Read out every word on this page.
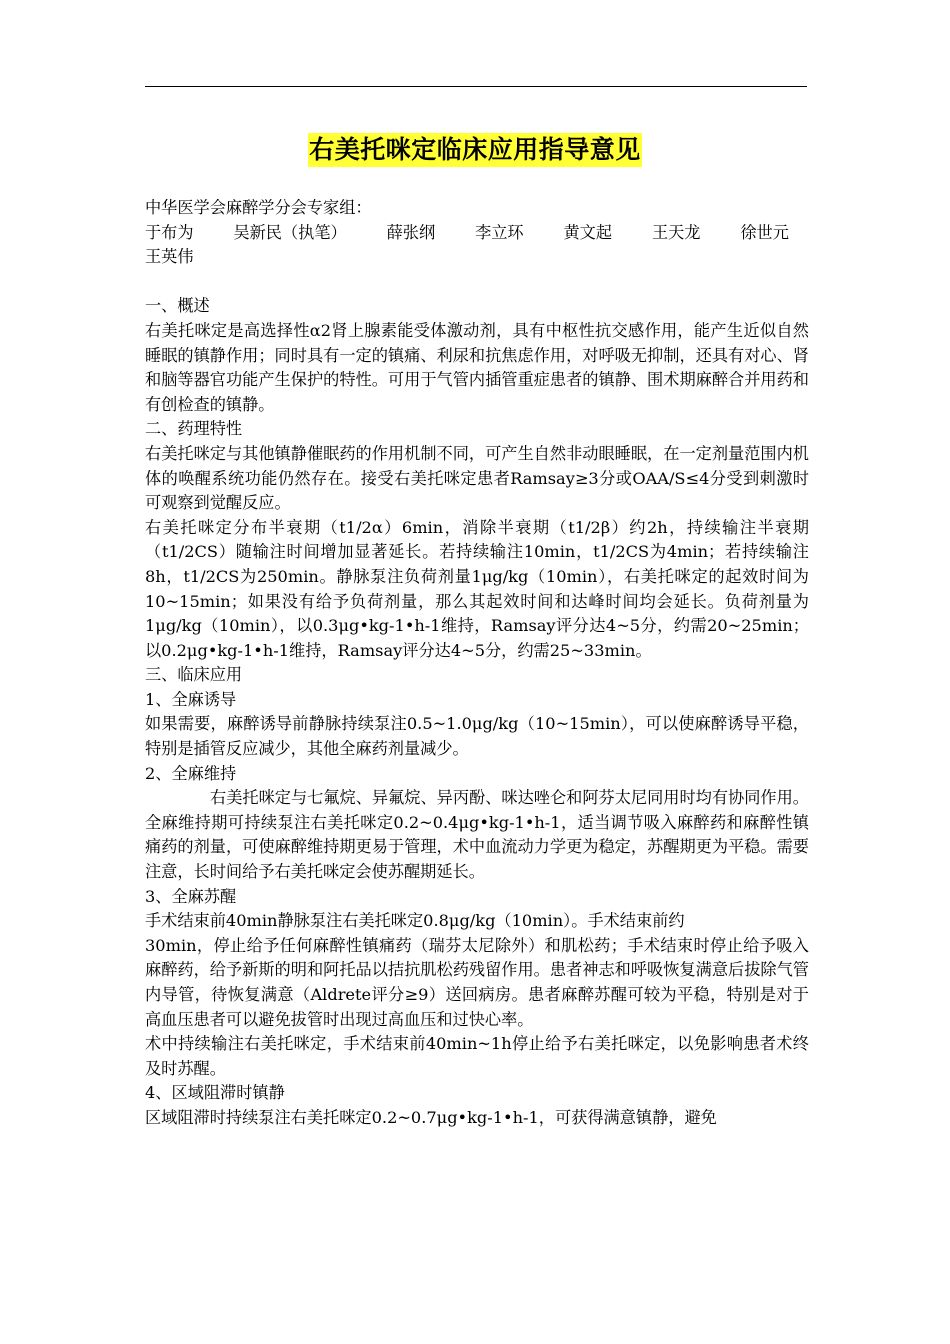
右美托咪定临床应用指导意见

中华医学会麻醉学分会专家组：

于布为 吴新民（执笔） 薛张纲 李立环 黄文起 王天龙 徐世元

王英伟

一、概述

右美托咪定是高选择性α2肾上腺素能受体激动剂，具有中枢性抗交感作用，能产生近似自然睡眠的镇静作用；同时具有一定的镇痛、利尿和抗焦虑作用，对呼吸无抑制，还具有对心、肾和脑等器官功能产生保护的特性。可用于气管内插管重症患者的镇静、围术期麻醉合并用药和有创检查的镇静。

二、药理特性

右美托咪定与其他镇静催眠药的作用机制不同，可产生自然非动眼睡眠，在一定剂量范围内机体的唤醒系统功能仍然存在。接受右美托咪定患者Ramsay≥3分或OAA/S≤4分受到刺激时可观察到觉醒反应。

右美托咪定分布半衰期（t1/2α）6min，消除半衰期（t1/2β）约2h，持续输注半衰期（t1/2CS）随输注时间增加显著延长。若持续输注10min，t1/2CS为4min；若持续输注8h，t1/2CS为250min。静脉泵注负荷剂量1μg/kg（10min），右美托咪定的起效时间为10~15min；如果没有给予负荷剂量，那么其起效时间和达峰时间均会延长。负荷剂量为1μg/kg（10min），以0.3μg•kg-1•h-1维持，Ramsay评分达4~5分，约需20~25min；以0.2μg•kg-1•h-1维持，Ramsay评分达4~5分，约需25~33min。

三、临床应用

1、全麻诱导

如果需要，麻醉诱导前静脉持续泵注0.5~1.0μg/kg（10~15min），可以使麻醉诱导平稳，特别是插管反应减少，其他全麻药剂量减少。

2、全麻维持

右美托咪定与七氟烷、异氟烷、异丙酚、咪达唑仑和阿芬太尼同用时均有协同作用。全麻维持期可持续泵注右美托咪定0.2~0.4μg•kg-1•h-1，适当调节吸入麻醉药和麻醉性镇痛药的剂量，可使麻醉维持期更易于管理，术中血流动力学更为稳定，苏醒期更为平稳。需要注意，长时间给予右美托咪定会使苏醒期延长。

3、全麻苏醒

手术结束前40min静脉泵注右美托咪定0.8μg/kg（10min）。手术结束前约

30min，停止给予任何麻醉性镇痛药（瑞芬太尼除外）和肌松药；手术结束时停止给予吸入麻醉药，给予新斯的明和阿托品以拮抗肌松药残留作用。患者神志和呼吸恢复满意后拔除气管内导管，待恢复满意（Aldrete评分≥9）送回病房。患者麻醉苏醒可较为平稳，特别是对于高血压患者可以避免拔管时出现过高血压和过快心率。

术中持续输注右美托咪定，手术结束前40min~1h停止给予右美托咪定，以免影响患者术终及时苏醒。

4、区域阻滞时镇静

区域阻滞时持续泵注右美托咪定0.2~0.7μg•kg-1•h-1，可获得满意镇静，避免
